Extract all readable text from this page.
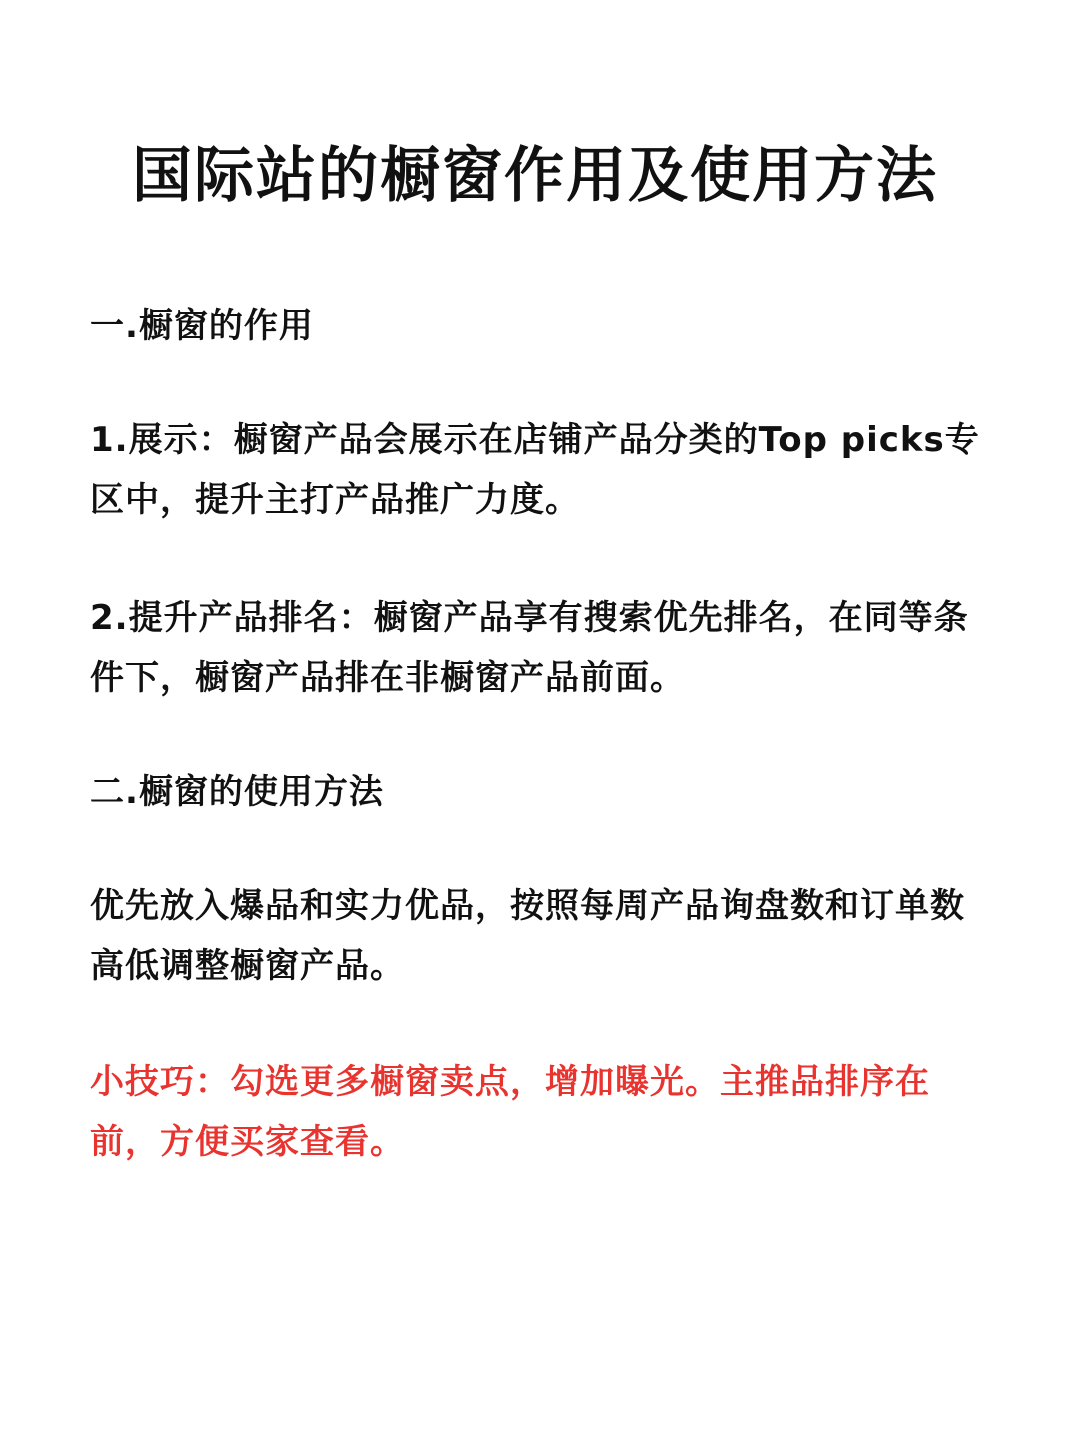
国际站的橱窗作用及使用方法
一.橱窗的作用
1.展示：橱窗产品会展示在店铺产品分类的Top picks专区中，提升主打产品推广力度。
2.提升产品排名：橱窗产品享有搜索优先排名，在同等条件下，橱窗产品排在非橱窗产品前面。
二.橱窗的使用方法
优先放入爆品和实力优品，按照每周产品询盘数和订单数高低调整橱窗产品。
小技巧：勾选更多橱窗卖点，增加曝光。主推品排序在前，方便买家查看。
